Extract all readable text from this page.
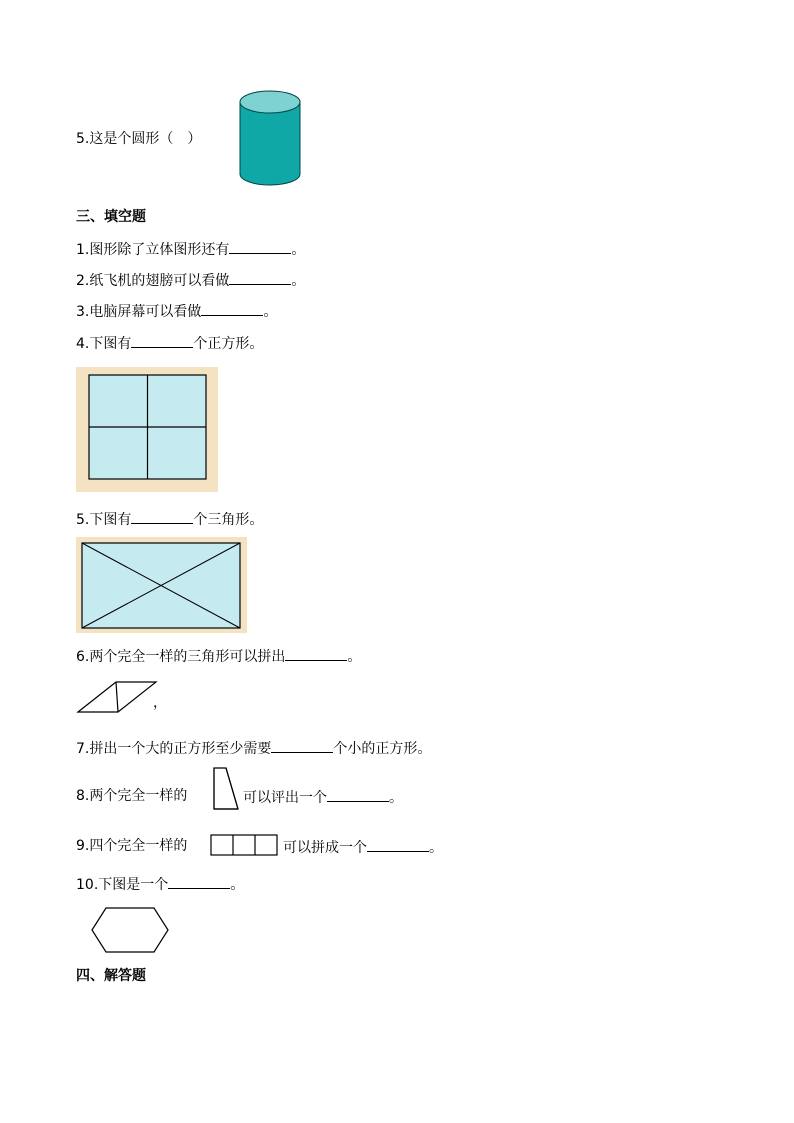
5.这是个圆形（　）
三、填空题
1.图形除了立体图形还有	。
2.纸飞机的翅膀可以看做	。
3.电脑屏幕可以看做	。
4.下图有	个正方形。
5.下图有	个三角形。
6.两个完全一样的三角形可以拼出	。
，
7.拼出一个大的正方形至少需要	个小的正方形。
8.两个完全一样的	可以评出一个	。
9.四个完全一样的	可以拼成一个	。
10.下图是一个	。
四、解答题
